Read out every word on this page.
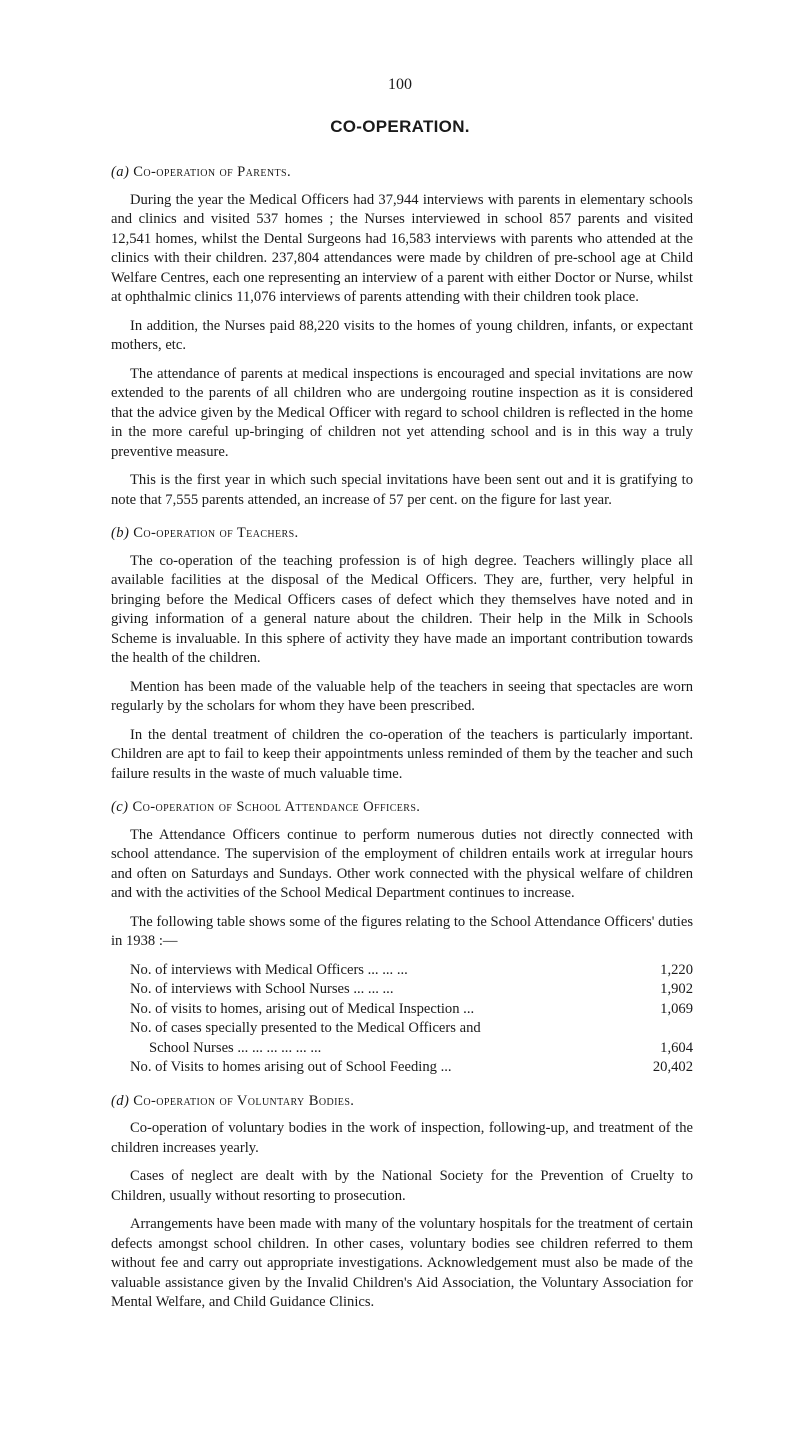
100
CO-OPERATION.
(a) Co-operation of Parents.

During the year the Medical Officers had 37,944 interviews with parents in elementary schools and clinics and visited 537 homes ; the Nurses interviewed in school 857 parents and visited 12,541 homes, whilst the Dental Surgeons had 16,583 interviews with parents who attended at the clinics with their children. 237,804 attendances were made by children of pre-school age at Child Welfare Centres, each one representing an interview of a parent with either Doctor or Nurse, whilst at ophthalmic clinics 11,076 interviews of parents attending with their children took place.

In addition, the Nurses paid 88,220 visits to the homes of young children, infants, or expectant mothers, etc.

The attendance of parents at medical inspections is encouraged and special invitations are now extended to the parents of all children who are undergoing routine inspection as it is considered that the advice given by the Medical Officer with regard to school children is reflected in the home in the more careful up-bringing of children not yet attending school and is in this way a truly preventive measure.

This is the first year in which such special invitations have been sent out and it is gratifying to note that 7,555 parents attended, an increase of 57 per cent. on the figure for last year.

(b) Co-operation of Teachers.

The co-operation of the teaching profession is of high degree. Teachers willingly place all available facilities at the disposal of the Medical Officers. They are, further, very helpful in bringing before the Medical Officers cases of defect which they themselves have noted and in giving information of a general nature about the children. Their help in the Milk in Schools Scheme is invaluable. In this sphere of activity they have made an important contribution towards the health of the children.

Mention has been made of the valuable help of the teachers in seeing that spectacles are worn regularly by the scholars for whom they have been prescribed.

In the dental treatment of children the co-operation of the teachers is particularly important. Children are apt to fail to keep their appointments unless reminded of them by the teacher and such failure results in the waste of much valuable time.

(c) Co-operation of School Attendance Officers.

The Attendance Officers continue to perform numerous duties not directly connected with school attendance. The supervision of the employment of children entails work at irregular hours and often on Saturdays and Sundays. Other work connected with the physical welfare of children and with the activities of the School Medical Department continues to increase.

The following table shows some of the figures relating to the School Attendance Officers' duties in 1938 :—

No. of interviews with Medical Officers ... ... ...	1,220
No. of interviews with School Nurses ... ... ...	1,902
No. of visits to homes, arising out of Medical Inspection ...	1,069
No. of cases specially presented to the Medical Officers and
School Nurses ... ... ... ... ... ...	1,604
No. of Visits to homes arising out of School Feeding ...	20,402
(d) Co-operation of Voluntary Bodies.

Co-operation of voluntary bodies in the work of inspection, following-up, and treatment of the children increases yearly.

Cases of neglect are dealt with by the National Society for the Prevention of Cruelty to Children, usually without resorting to prosecution.

Arrangements have been made with many of the voluntary hospitals for the treatment of certain defects amongst school children. In other cases, voluntary bodies see children referred to them without fee and carry out appropriate investigations. Acknowledgement must also be made of the valuable assistance given by the Invalid Children's Aid Association, the Voluntary Association for Mental Welfare, and Child Guidance Clinics.
